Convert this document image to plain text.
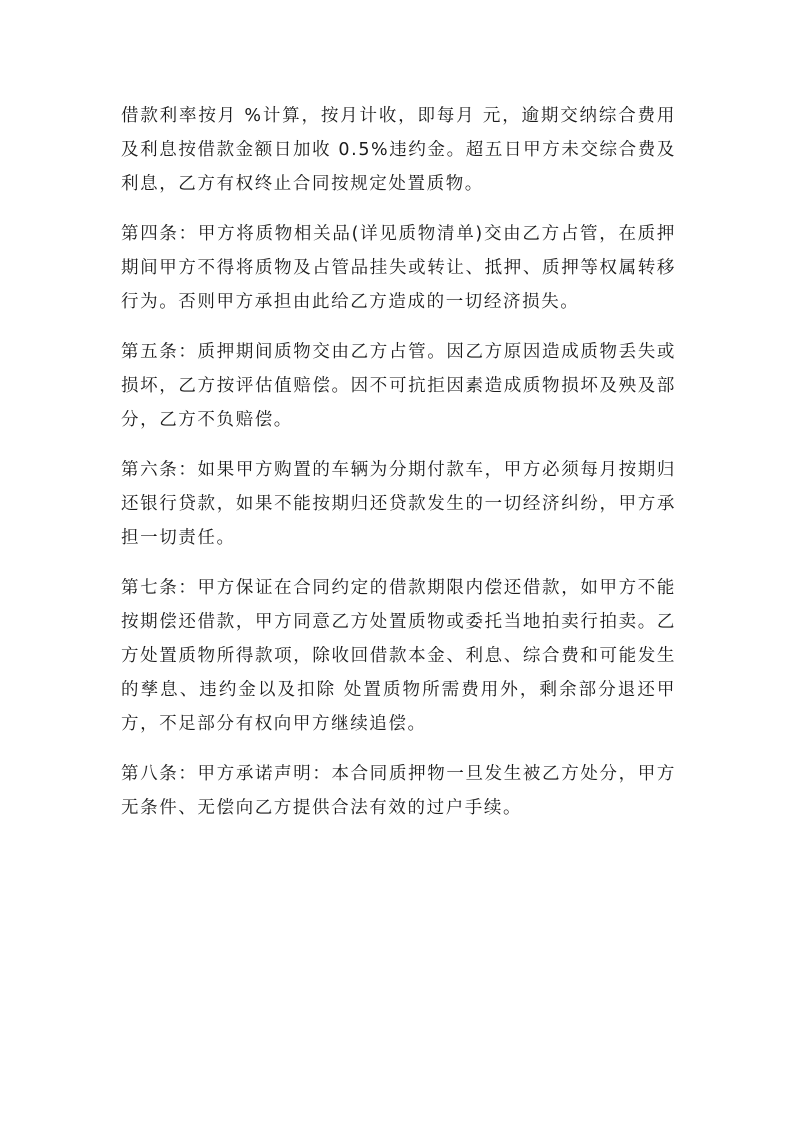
借款利率按月 %计算，按月计收，即每月 元，逾期交纳综合费用及利息按借款金额日加收 0.5%违约金。超五日甲方未交综合费及利息，乙方有权终止合同按规定处置质物。

第四条：甲方将质物相关品(详见质物清单)交由乙方占管，在质押期间甲方不得将质物及占管品挂失或转让、抵押、质押等权属转移行为。否则甲方承担由此给乙方造成的一切经济损失。

第五条：质押期间质物交由乙方占管。因乙方原因造成质物丢失或损坏，乙方按评估值赔偿。因不可抗拒因素造成质物损坏及殃及部分，乙方不负赔偿。

第六条：如果甲方购置的车辆为分期付款车，甲方必须每月按期归还银行贷款，如果不能按期归还贷款发生的一切经济纠纷，甲方承担一切责任。

第七条：甲方保证在合同约定的借款期限内偿还借款，如甲方不能按期偿还借款，甲方同意乙方处置质物或委托当地拍卖行拍卖。乙方处置质物所得款项，除收回借款本金、利息、综合费和可能发生的孳息、违约金以及扣除 处置质物所需费用外，剩余部分退还甲方，不足部分有权向甲方继续追偿。

第八条：甲方承诺声明：本合同质押物一旦发生被乙方处分，甲方无条件、无偿向乙方提供合法有效的过户手续。
